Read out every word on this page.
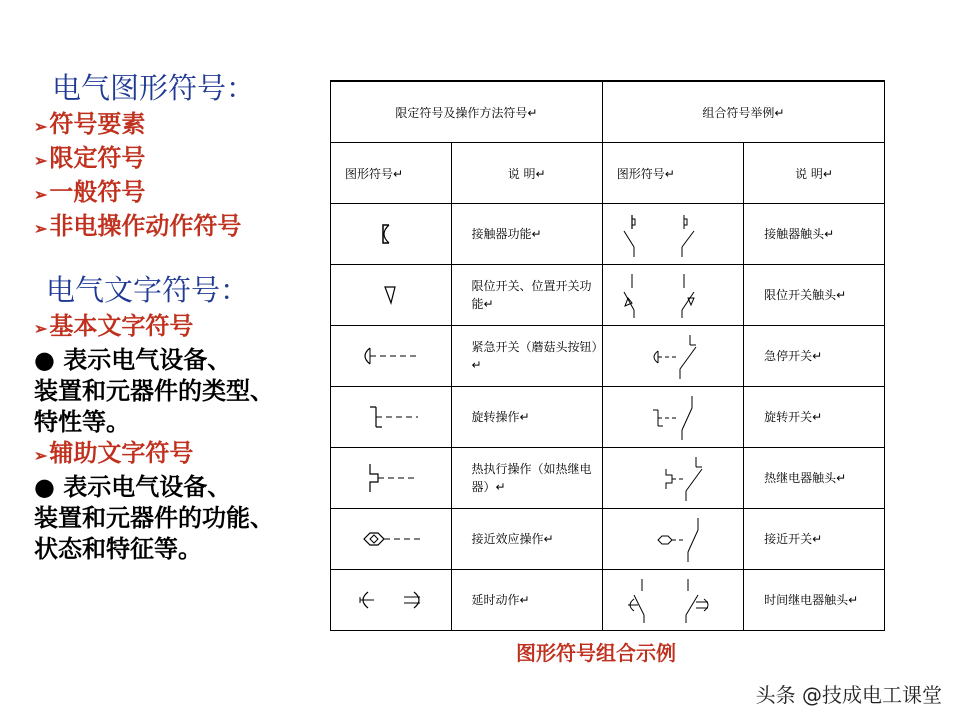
电气图形符号：
➢符号要素
➢限定符号
➢一般符号
➢非电操作动作符号
电气文字符号：
➢基本文字符号
● 表示电气设备、
装置和元器件的类型、
特性等。
➢辅助文字符号
● 表示电气设备、
装置和元器件的功能、
状态和特征等。
限定符号及操作方法符号↵		组合符号举例↵	
图形符号↵	说 明↵	图形符号↵	说 明↵

	接触器功能↵		接触器触头↵

	限位开关、位置开关功能↵		限位开关触头↵

	紧急开关（蘑菇头按钮）↵		急停开关↵

	旋转操作↵		旋转开关↵

	热执行操作（如热继电器）↵		热继电器触头↵

	接近效应操作↵		接近开关↵

	延时动作↵		时间继电器触头↵
图形符号组合示例
头条 @技成电工课堂
